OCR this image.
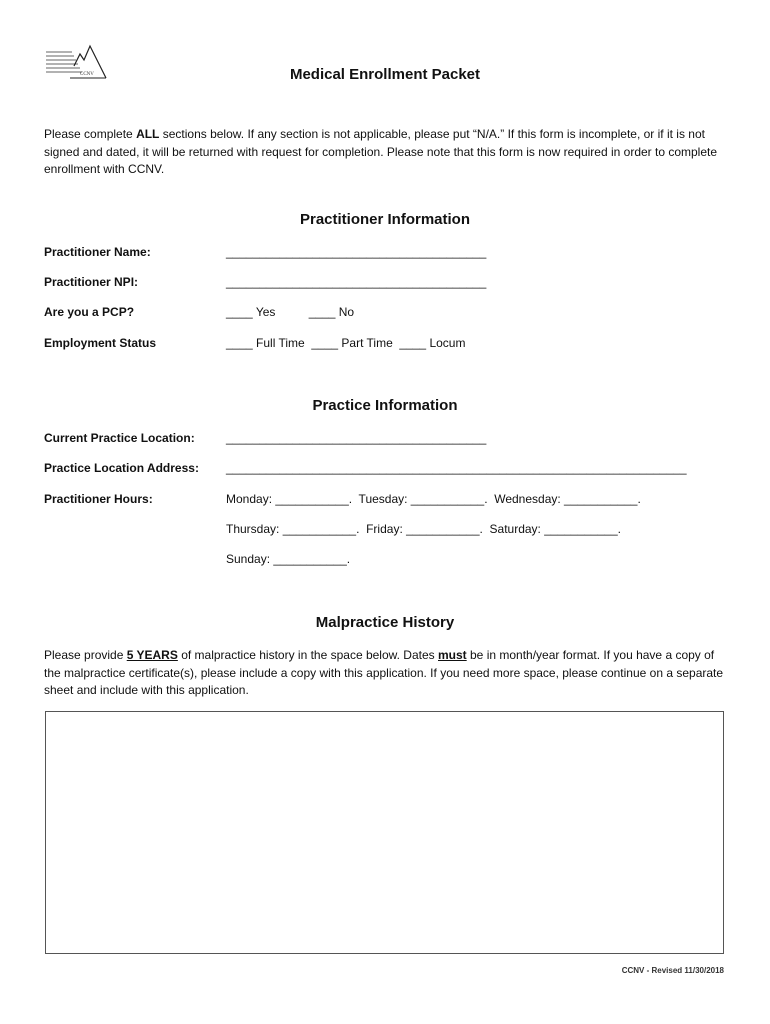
CCNV	Medical Enrollment Packet
Please complete ALL sections below. If any section is not applicable, please put “N/A.” If this form is incomplete, or if it is not signed and dated, it will be returned with request for completion. Please note that this form is now required in order to complete enrollment with CCNV.
Practitioner Information
Practitioner Name:	_______________________________________
Practitioner NPI:	_______________________________________
Are you a PCP?	____ Yes          ____ No
Employment Status	____ Full Time  ____ Part Time  ____ Locum
Practice Information
Current Practice Location:	_______________________________________
Practice Location Address: _____________________________________________________________________
Practitioner Hours:	Monday: ___________.  Tuesday: ___________.  Wednesday: ___________.
Thursday: ___________.  Friday: ___________.  Saturday: ___________.
Sunday: ___________.
Malpractice History
Please provide 5 YEARS of malpractice history in the space below. Dates must be in month/year format. If you have a copy of the malpractice certificate(s), please include a copy with this application. If you need more space, please continue on a separate sheet and include with this application.
CCNV - Revised 11/30/2018
